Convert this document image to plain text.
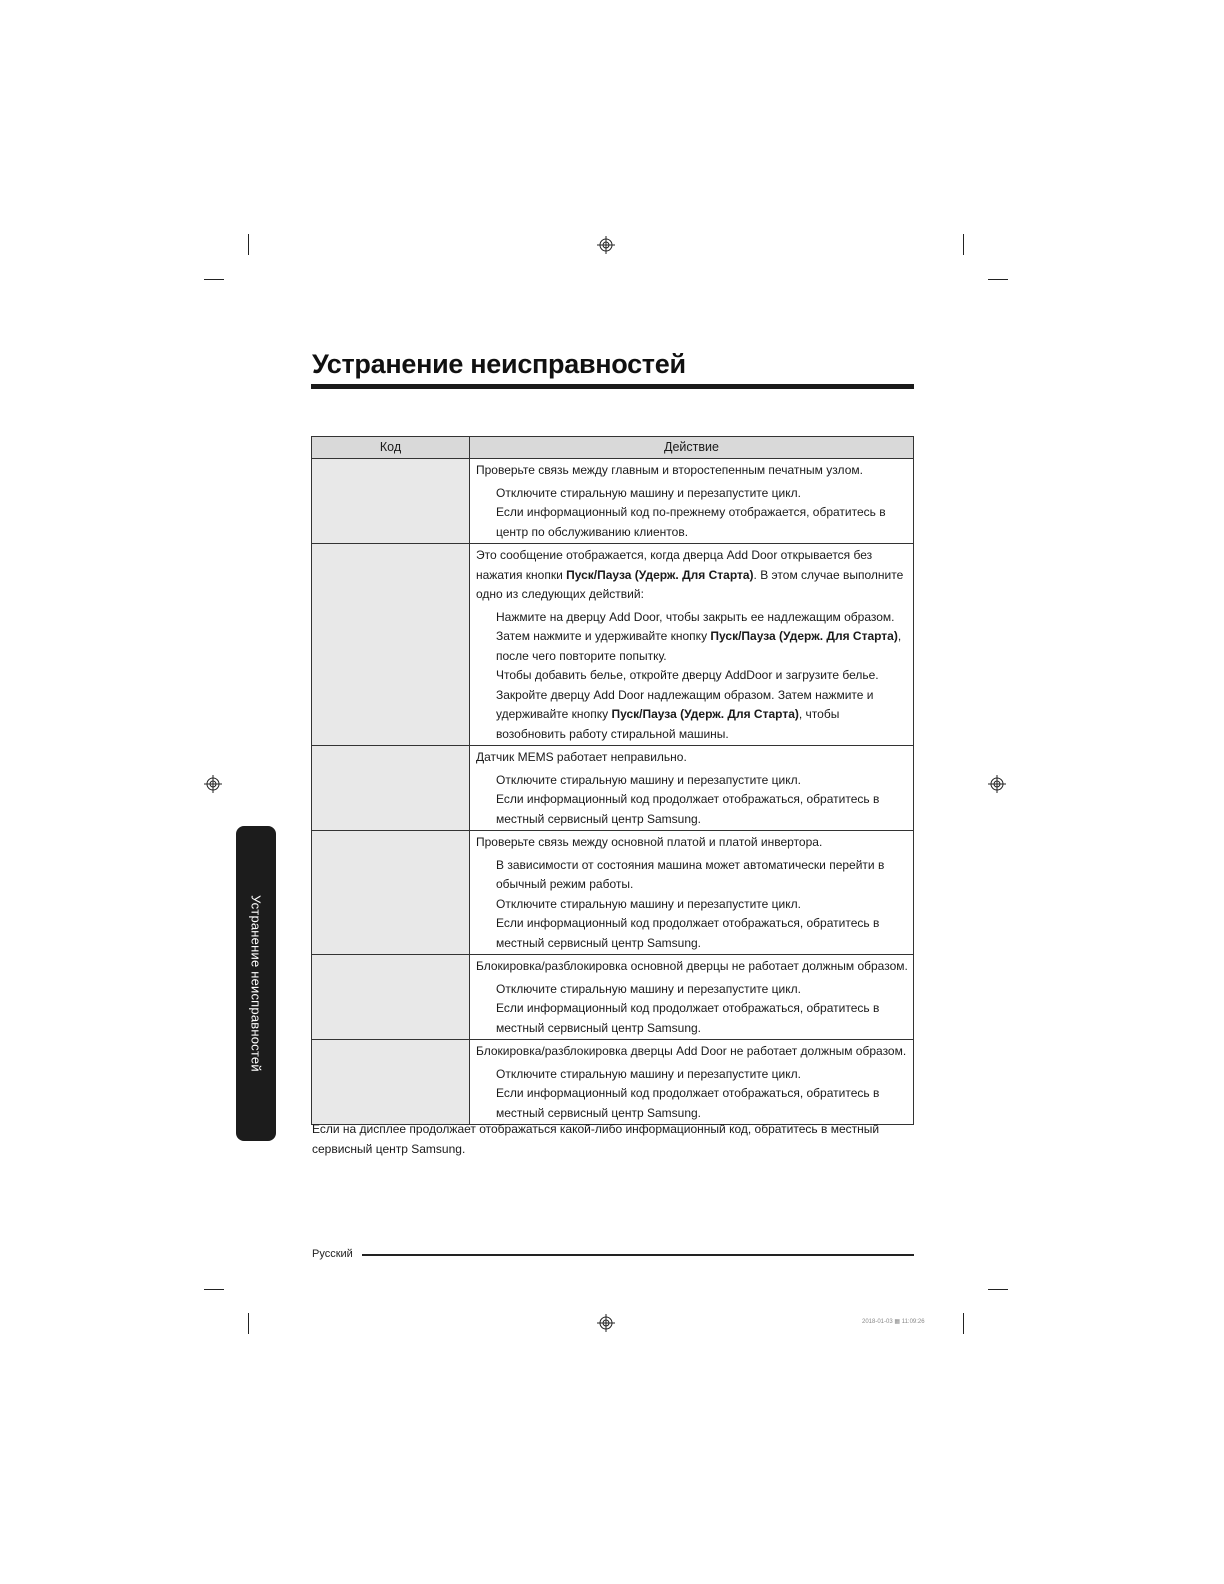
Устранение неисправностей
Код	Действие

	Проверьте связь между главным и второстепенным печатным узлом.

Отключите стиральную машину и перезапустите цикл.

Если информационный код по-прежнему отображается, обратитесь в центр по обслуживанию клиентов.

	Это сообщение отображается, когда дверца Add Door открывается без нажатия кнопки Пуск/Пауза (Удерж. Для Старта). В этом случае выполните одно из следующих действий:

Нажмите на дверцу Add Door, чтобы закрыть ее надлежащим образом. Затем нажмите и удерживайте кнопку Пуск/Пауза (Удерж. Для Старта), после чего повторите попытку.

Чтобы добавить белье, откройте дверцу AddDoor и загрузите белье. Закройте дверцу Add Door надлежащим образом. Затем нажмите и удерживайте кнопку Пуск/Пауза (Удерж. Для Старта), чтобы возобновить работу стиральной машины.

	Датчик MEMS работает неправильно.

Отключите стиральную машину и перезапустите цикл.

Если информационный код продолжает отображаться, обратитесь в местный сервисный центр Samsung.

	Проверьте связь между основной платой и платой инвертора.

В зависимости от состояния машина может автоматически перейти в обычный режим работы.

Отключите стиральную машину и перезапустите цикл.

Если информационный код продолжает отображаться, обратитесь в местный сервисный центр Samsung.

	Блокировка/разблокировка основной дверцы не работает должным образом.

Отключите стиральную машину и перезапустите цикл.

Если информационный код продолжает отображаться, обратитесь в местный сервисный центр Samsung.

	Блокировка/разблокировка дверцы Add Door не работает должным образом.

Отключите стиральную машину и перезапустите цикл.

Если информационный код продолжает отображаться, обратитесь в местный сервисный центр Samsung.

Если на дисплее продолжает отображаться какой-либо информационный код, обратитесь в местный сервисный центр Samsung.
Устранение неисправностей
Русский
2018-01-03 ▦ 11:09:26
